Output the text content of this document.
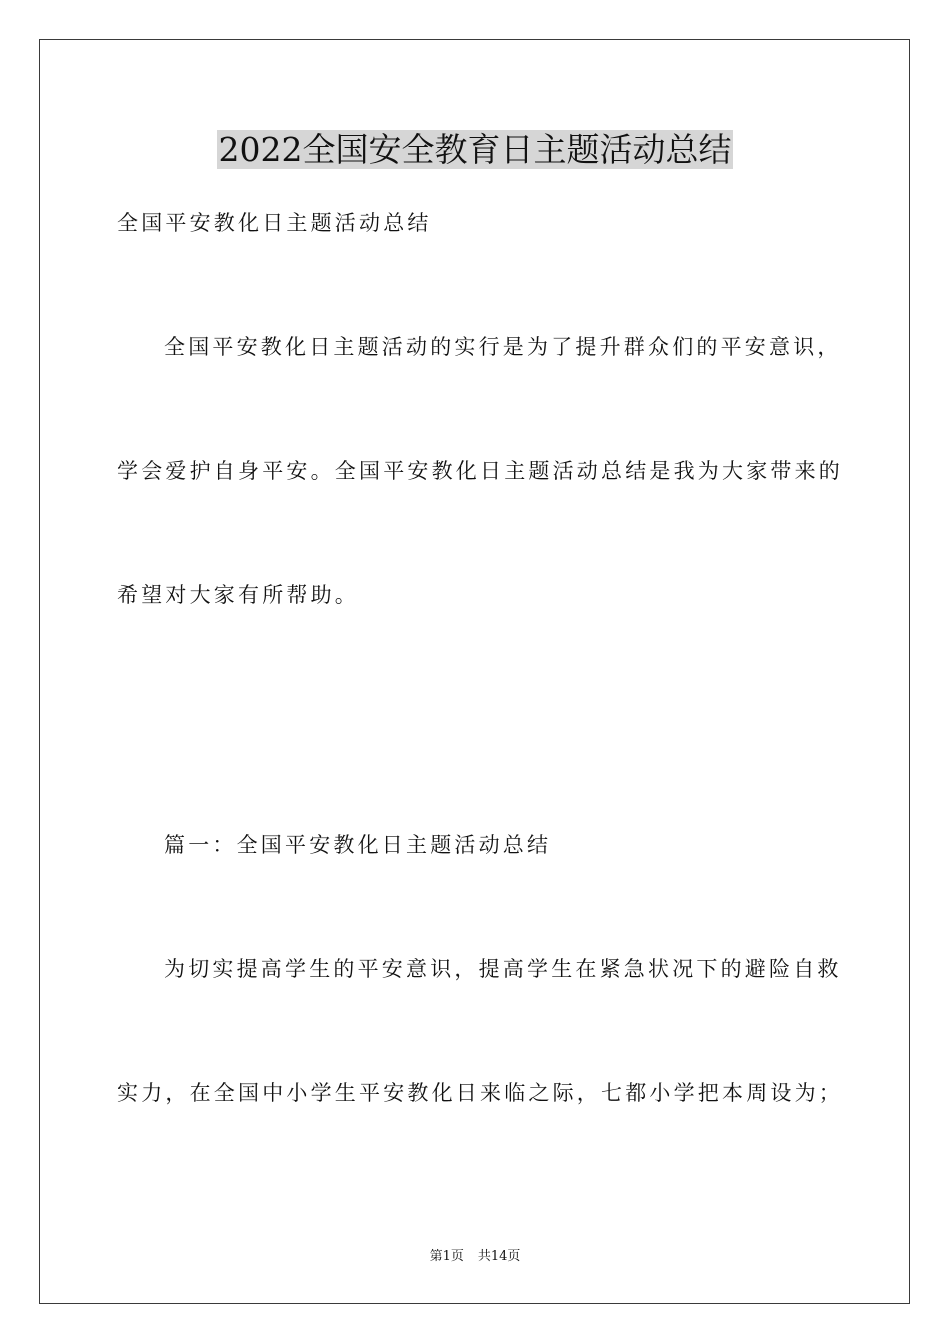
2022全国安全教育日主题活动总结

全国平安教化日主题活动总结

全国平安教化日主题活动的实行是为了提升群众们的平安意识，

学会爱护自身平安。全国平安教化日主题活动总结是我为大家带来的

希望对大家有所帮助。

篇一：全国平安教化日主题活动总结

为切实提高学生的平安意识，提高学生在紧急状况下的避险自救

实力，在全国中小学生平安教化日来临之际，七都小学把本周设为；

第1页 共14页
